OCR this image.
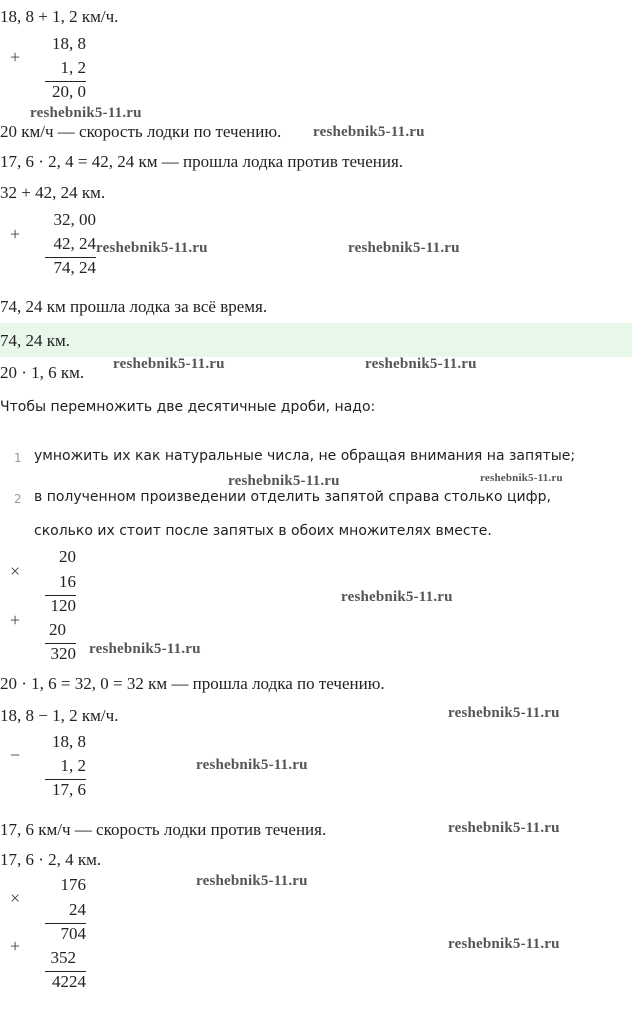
18, 8 + 1, 2 км/ч.
+
18, 8
1, 2
20, 0
reshebnik5-11.ru
20 км/ч — скорость лодки по течению. reshebnik5-11.ru
17, 6 · 2, 4 = 42, 24 км — прошла лодка против течения.
32 + 42, 24 км.
+
32, 00
42, 24
74, 24
reshebnik5-11.ru	reshebnik5-11.ru
74, 24 км прошла лодка за всё время.
74, 24 км.
20 · 1, 6 км. reshebnik5-11.ru	reshebnik5-11.ru
Чтобы перемножить две десятичные дроби, надо:
1 умножить их как натуральные числа, не обращая внимания на запятые;
reshebnik5-11.ru	reshebnik5-11.ru
2 в полученном произведении отделить запятой справа столько цифр,
сколько их стоит после запятых в обоих множителях вместе.
×
20
16
120
+	20
320
reshebnik5-11.ru
reshebnik5-11.ru
20 · 1, 6 = 32, 0 = 32 км — прошла лодка по течению.
18, 8 − 1, 2 км/ч.	reshebnik5-11.ru
−
18, 8
1, 2
17, 6
reshebnik5-11.ru
17, 6 км/ч — скорость лодки против течения.	reshebnik5-11.ru
17, 6 · 2, 4 км.
×
176
24
704
+
352
4224
reshebnik5-11.ru
reshebnik5-11.ru
